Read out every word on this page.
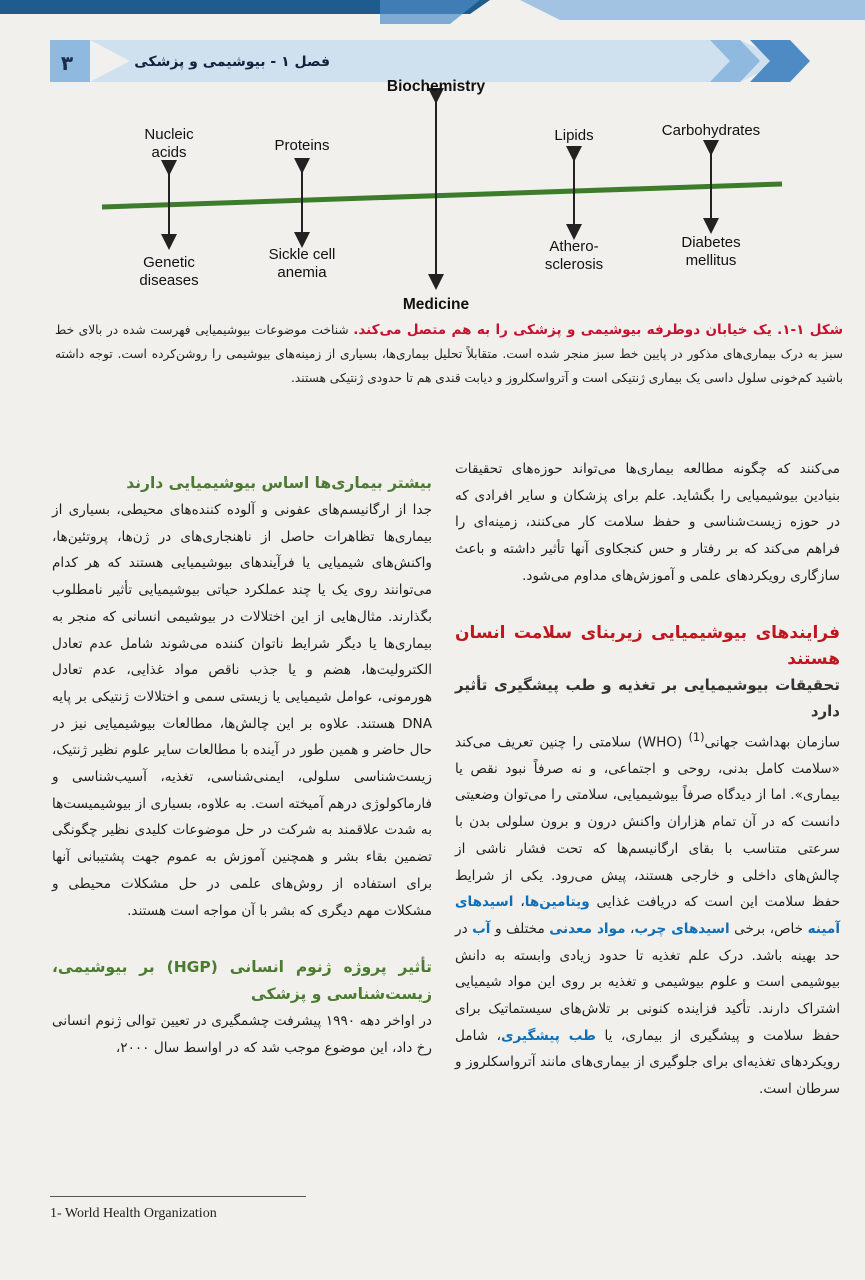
۳	فصل ۱ - بیوشیمی و پزشکی
Biochemistry
Medicine
Nucleic
acids	Proteins
Lipids	Carbohydrates
Genetic
diseases
Sickle cell
anemia
Athero-
sclerosis
Diabetes
mellitus
شکل ۱-۱. یک خیابان دوطرفه بیوشیمی و پزشکی را به هم متصل می‌کند. شناخت موضوعات بیوشیمیایی فهرست شده در بالای خط سبز به درک بیماری‌های مذکور در پایین خط سبز منجر شده است. متقابلاً تحلیل بیماری‌ها، بسیاری از زمینه‌های بیوشیمی را روشن‌کرده است. توجه داشته باشید کم‌خونی سلول داسی یک بیماری ژنتیکی است و آترواسکلروز و دیابت قندی هم تا حدودی ژنتیکی هستند.

می‌کنند که چگونه مطالعه بیماری‌ها می‌تواند حوزه‌های تحقیقات بنیادین بیوشیمیایی را بگشاید. علم برای پزشکان و سایر افرادی که در حوزه زیست‌شناسی و حفظ سلامت کار می‌کنند، زمینه‌ای را فراهم می‌کند که بر رفتار و حس کنجکاوی آنها تأثیر داشته و باعث سازگاری رویکردهای علمی و آموزش‌های مداوم می‌شود.

فرایندهای بیوشیمیایی زیربنای سلامت انسان هستند

تحقیقات بیوشیمیایی بر تغذیه و طب پیشگیری تأثیر دارد

سازمان بهداشت جهانی$^{(1)}$ (WHO) سلامتی را چنین تعریف می‌کند «سلامت کامل بدنی، روحی و اجتماعی، و نه صرفاً نبود نقص یا بیماری». اما از دیدگاه صرفاً بیوشیمیایی، سلامتی را می‌توان وضعیتی دانست که در آن تمام هزاران واکنش درون و برون سلولی بدن با سرعتی متناسب با بقای ارگانیسم‌ها که تحت فشار ناشی از چالش‌های داخلی و خارجی هستند، پیش می‌رود. یکی از شرایط حفظ سلامت این است که دریافت غذایی ویتامین‌ها، اسیدهای آمینه خاص، برخی اسیدهای چرب، مواد معدنی مختلف و آب در حد بهینه باشد. درک علم تغذیه تا حدود زیادی وابسته به دانش بیوشیمی است و علوم بیوشیمی و تغذیه بر روی این مواد شیمیایی اشتراک دارند. تأکید فزاینده کنونی بر تلاش‌های سیستماتیک برای حفظ سلامت و پیشگیری از بیماری، یا طب پیشگیری، شامل رویکردهای تغذیه‌ای برای جلوگیری از بیماری‌های مانند آترواسکلروز و سرطان است.

بیشتر بیماری‌ها اساس بیوشیمیایی دارند

جدا از ارگانیسم‌های عفونی و آلوده کننده‌های محیطی، بسیاری از بیماری‌ها تظاهرات حاصل از ناهنجاری‌های در ژن‌ها، پروتئین‌ها، واکنش‌های شیمیایی یا فرآیندهای بیوشیمیایی هستند که هر کدام می‌توانند روی یک یا چند عملکرد حیاتی بیوشیمیایی تأثیر نامطلوب بگذارند. مثال‌هایی از این اختلالات در بیوشیمی انسانی که منجر به بیماری‌ها یا دیگر شرایط ناتوان کننده می‌شوند شامل عدم تعادل الکترولیت‌ها، هضم و یا جذب ناقص مواد غذایی، عدم تعادل هورمونی، عوامل شیمیایی یا زیستی سمی و اختلالات ژنتیکی بر پایه DNA هستند. علاوه بر این چالش‌ها، مطالعات بیوشیمیایی نیز در حال حاضر و همین طور در آینده با مطالعات سایر علوم نظیر ژنتیک، زیست‌شناسی سلولی، ایمنی‌شناسی، تغذیه، آسیب‌شناسی و فارماکولوژی درهم آمیخته است. به علاوه، بسیاری از بیوشیمیست‌ها به شدت علاقمند به شرکت در حل موضوعات کلیدی نظیر چگونگی تضمین بقاء بشر و همچنین آموزش به عموم جهت پشتیبانی آنها برای استفاده از روش‌های علمی در حل مشکلات محیطی و مشکلات مهم دیگری که بشر با آن مواجه است هستند.

تأثیر پروژه ژنوم انسانی (HGP) بر بیوشیمی، زیست‌شناسی و پزشکی

در اواخر دهه ۱۹۹۰ پیشرفت چشمگیری در تعیین توالی ژنوم انسانی رخ داد، این موضوع موجب شد که در اواسط سال ۲۰۰۰،

1- World Health Organization
